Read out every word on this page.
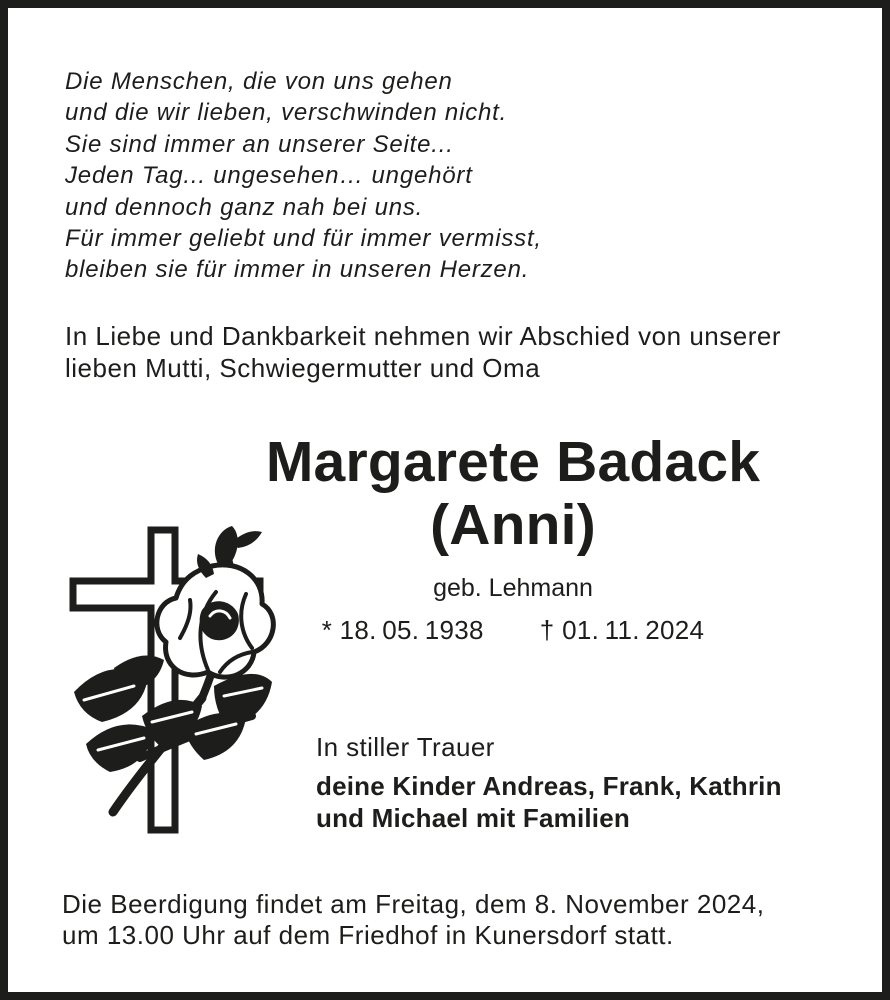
Die Menschen, die von uns gehen
und die wir lieben, verschwinden nicht.
Sie sind immer an unserer Seite...
Jeden Tag... ungesehen… ungehört
und dennoch ganz nah bei uns.
Für immer geliebt und für immer vermisst,
bleiben sie für immer in unseren Herzen.
In Liebe und Dankbarkeit nehmen wir Abschied von unserer
lieben Mutti, Schwiegermutter und Oma
Margarete Badack
(Anni)
geb. Lehmann
* 18. 05. 1938 † 01. 11. 2024
In stiller Trauer
deine Kinder Andreas, Frank, Kathrin
und Michael mit Familien
Die Beerdigung findet am Freitag, dem 8. November 2024,
um 13.00 Uhr auf dem Friedhof in Kunersdorf statt.
